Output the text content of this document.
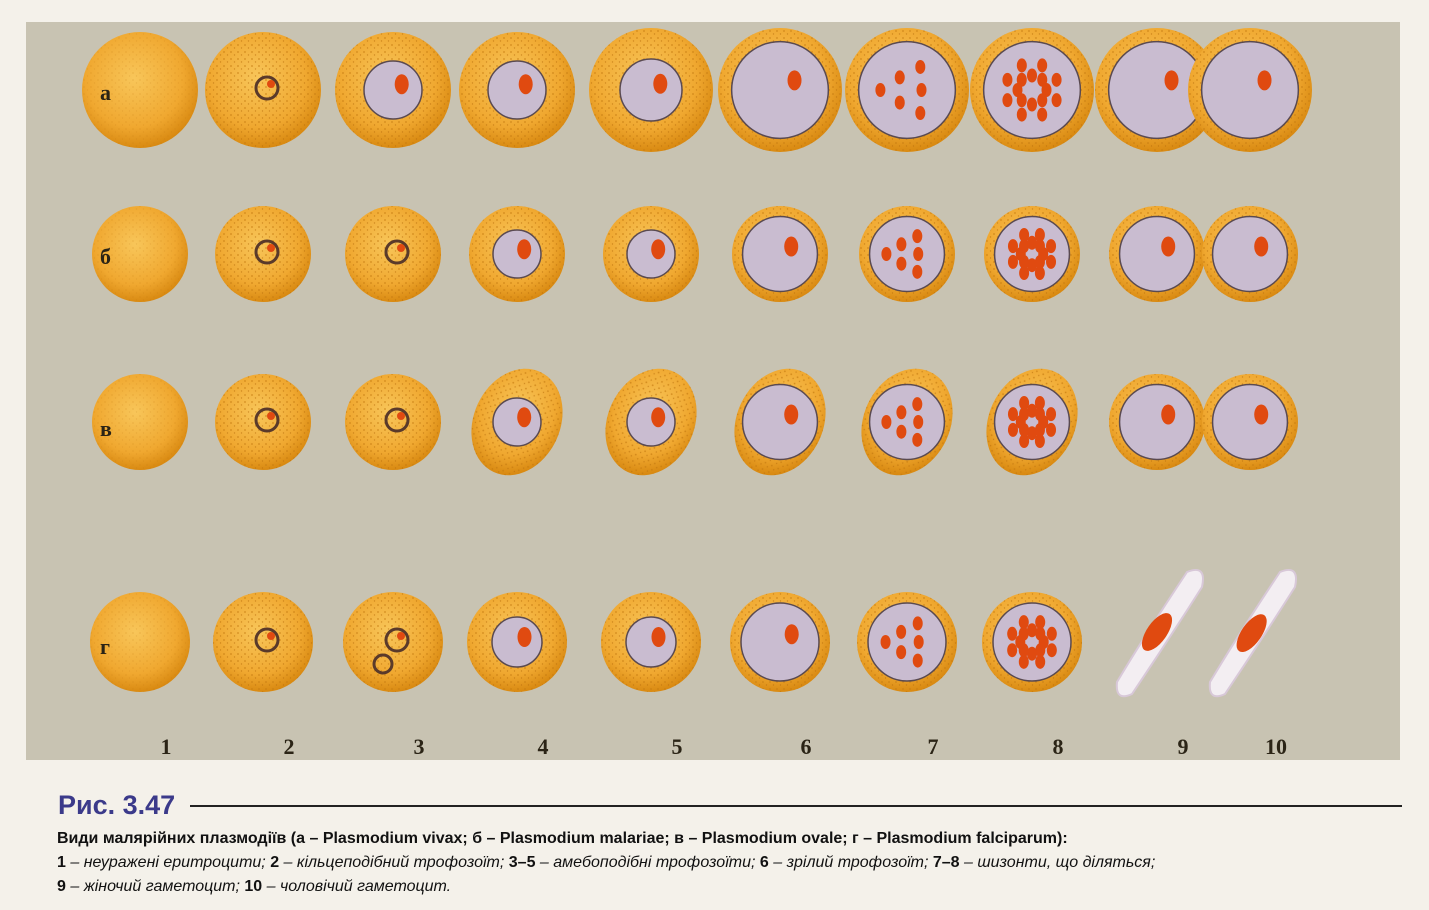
а
б
в
г
1	2	3	4	5	6	7	8	9	10
Рис. 3.47
Види малярійних плазмодіїв (а – Plasmodium vivax; б – Plasmodium malariae; в – Plasmodium ovale; г – Plasmodium falciparum):
1 – неуражені еритроцити; 2 – кільцеподібний трофозоїт; 3–5 – амебоподібні трофозоїти; 6 – зрілий трофозоїт; 7–8 – шизонти, що діляться;
9 – жіночий гаметоцит; 10 – чоловічий гаметоцит.
